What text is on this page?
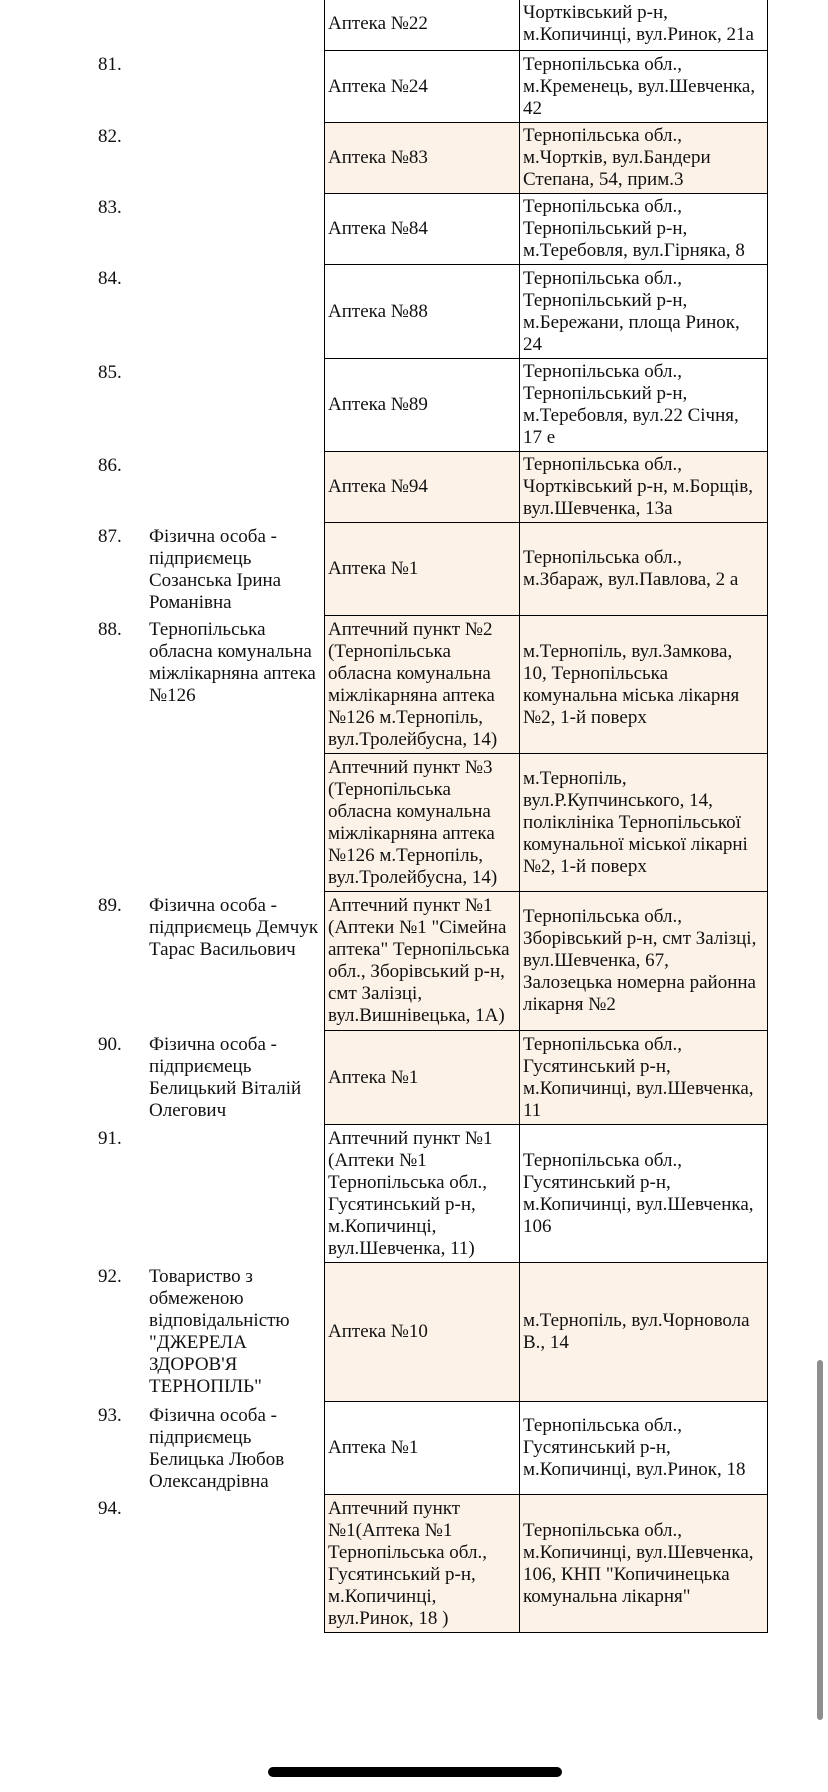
Аптека №22
Чортківський р-н,
м.Копичинці, вул.Ринок, 21а
81.
Аптека №24
Тернопільська обл.,
м.Кременець, вул.Шевченка,
42
82.
Аптека №83
Тернопільська обл.,
м.Чортків, вул.Бандери
Степана, 54, прим.3
83.
Аптека №84
Тернопільська обл.,
Тернопільський р-н,
м.Теребовля, вул.Гірняка, 8
84.
Аптека №88
Тернопільська обл.,
Тернопільський р-н,
м.Бережани, площа Ринок,
24
85.
Аптека №89
Тернопільська обл.,
Тернопільський р-н,
м.Теребовля, вул.22 Січня,
17 е
86.
Аптека №94
Тернопільська обл.,
Чортківський р-н, м.Борщів,
вул.Шевченка, 13а
87. Фізична особа -
підприємець
Созанська Ірина
Романівна
Аптека №1
Тернопільська обл.,
м.Збараж, вул.Павлова, 2 а
88. Тернопільська
обласна комунальна
міжлікарняна аптека
№126
Аптечний пункт №2
(Тернопільська
обласна комунальна
міжлікарняна аптека
№126 м.Тернопіль,
вул.Тролейбусна, 14)
м.Тернопіль, вул.Замкова,
10, Тернопільська
комунальна міська лікарня
№2, 1-й поверх
Аптечний пункт №3
(Тернопільська
обласна комунальна
міжлікарняна аптека
№126 м.Тернопіль,
вул.Тролейбусна, 14)
м.Тернопіль,
вул.Р.Купчинського, 14,
поліклініка Тернопільської
комунальної міської лікарні
№2, 1-й поверх
89. Фізична особа -
підприємець Демчук
Тарас Васильович
Аптечний пункт №1
(Аптеки №1 "Сімейна
аптека" Тернопільська
обл., Зборівський р-н,
смт Залізці,
вул.Вишнівецька, 1А)
Тернопільська обл.,
Зборівський р-н, смт Залізці,
вул.Шевченка, 67,
Залозецька номерна районна
лікарня №2
90. Фізична особа -
підприємець
Белицький Віталій
Олегович
Аптека №1
Тернопільська обл.,
Гусятинський р-н,
м.Копичинці, вул.Шевченка,
11
91.	Аптечний пункт №1
(Аптеки №1
Тернопільська обл.,
Гусятинський р-н,
м.Копичинці,
вул.Шевченка, 11)
Тернопільська обл.,
Гусятинський р-н,
м.Копичинці, вул.Шевченка,
106
92. Товариство з
обмеженою
відповідальністю
"ДЖЕРЕЛА
ЗДОРОВ'Я
ТЕРНОПІЛЬ"
Аптека №10
м.Тернопіль, вул.Чорновола
В., 14
93. Фізична особа -
підприємець
Белицька Любов
Олександрівна
Аптека №1
Тернопільська обл.,
Гусятинський р-н,
м.Копичинці, вул.Ринок, 18
94.	Аптечний пункт
№1(Аптека №1
Тернопільська обл.,
Гусятинський р-н,
м.Копичинці,
вул.Ринок, 18 )
Тернопільська обл.,
м.Копичинці, вул.Шевченка,
106, КНП "Копичинецька
комунальна лікарня"
